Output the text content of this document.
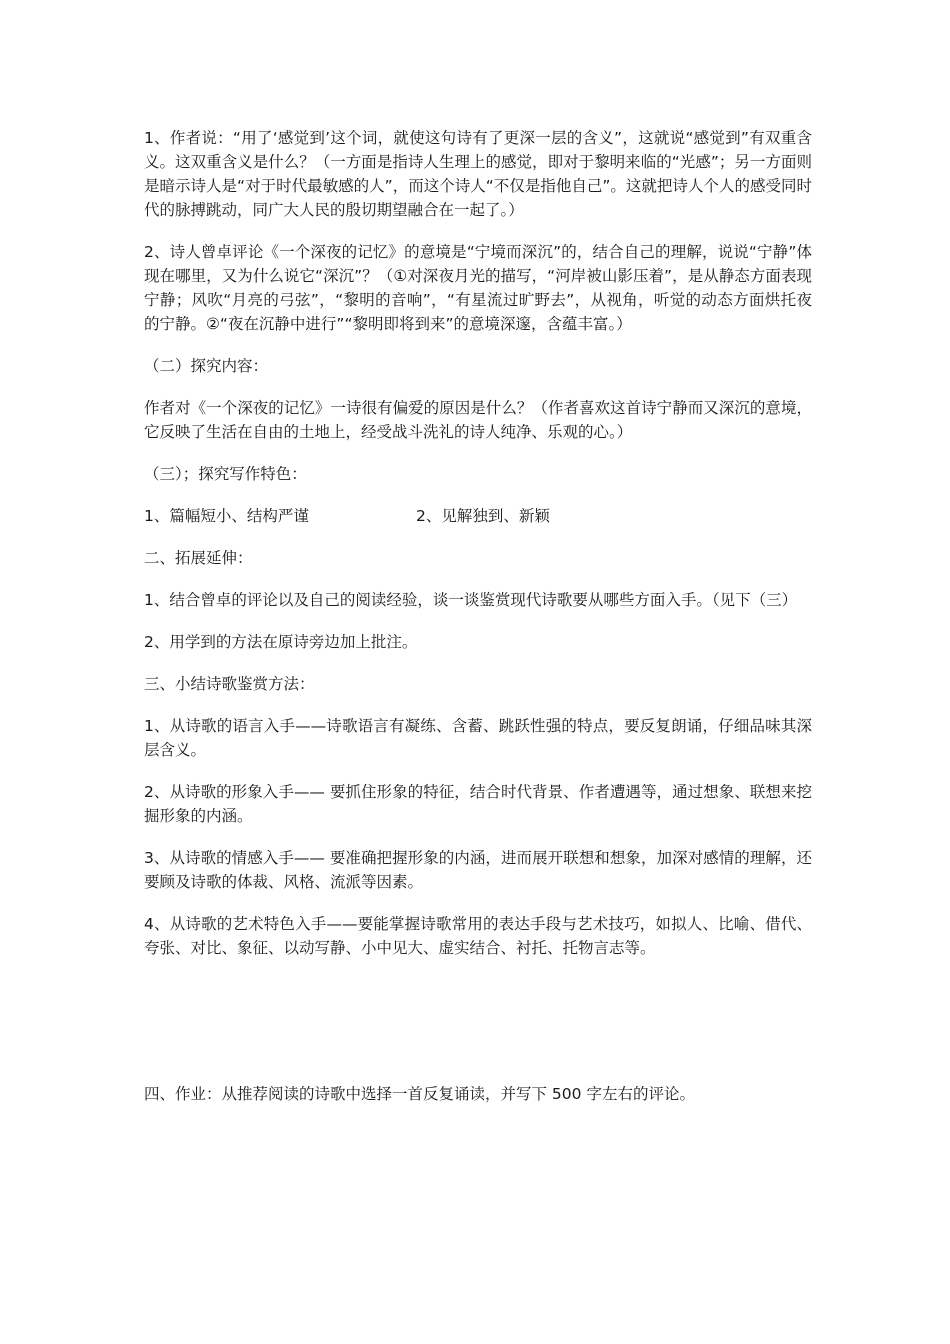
1、作者说：“用了‘感觉到’这个词，就使这句诗有了更深一层的含义”，这就说“感觉到”有双重含义。这双重含义是什么？（一方面是指诗人生理上的感觉，即对于黎明来临的“光感”；另一方面则是暗示诗人是“对于时代最敏感的人”，而这个诗人“不仅是指他自己”。这就把诗人个人的感受同时代的脉搏跳动，同广大人民的殷切期望融合在一起了。）

2、诗人曾卓评论《一个深夜的记忆》的意境是“宁境而深沉”的，结合自己的理解，说说“宁静”体现在哪里，又为什么说它“深沉”？（①对深夜月光的描写，“河岸被山影压着”，是从静态方面表现宁静；风吹“月亮的弓弦”，“黎明的音响”，“有星流过旷野去”，从视角，听觉的动态方面烘托夜的宁静。②“夜在沉静中进行”“黎明即将到来”的意境深邃，含蕴丰富。）

（二）探究内容：

作者对《一个深夜的记忆》一诗很有偏爱的原因是什么？（作者喜欢这首诗宁静而又深沉的意境，它反映了生活在自由的土地上，经受战斗洗礼的诗人纯净、乐观的心。）

（三）；探究写作特色：

1、篇幅短小、结构严谨	2、见解独到、新颖

二、拓展延伸：

1、结合曾卓的评论以及自己的阅读经验，谈一谈鉴赏现代诗歌要从哪些方面入手。（见下（三）

2、用学到的方法在原诗旁边加上批注。

三、小结诗歌鉴赏方法：

1、从诗歌的语言入手——诗歌语言有凝练、含蓄、跳跃性强的特点，要反复朗诵，仔细品味其深层含义。

2、从诗歌的形象入手—— 要抓住形象的特征，结合时代背景、作者遭遇等，通过想象、联想来挖掘形象的内涵。

3、从诗歌的情感入手—— 要准确把握形象的内涵，进而展开联想和想象，加深对感情的理解，还要顾及诗歌的体裁、风格、流派等因素。

4、从诗歌的艺术特色入手——要能掌握诗歌常用的表达手段与艺术技巧，如拟人、比喻、借代、夸张、对比、象征、以动写静、小中见大、虚实结合、衬托、托物言志等。

四、作业：从推荐阅读的诗歌中选择一首反复诵读，并写下 500 字左右的评论。
